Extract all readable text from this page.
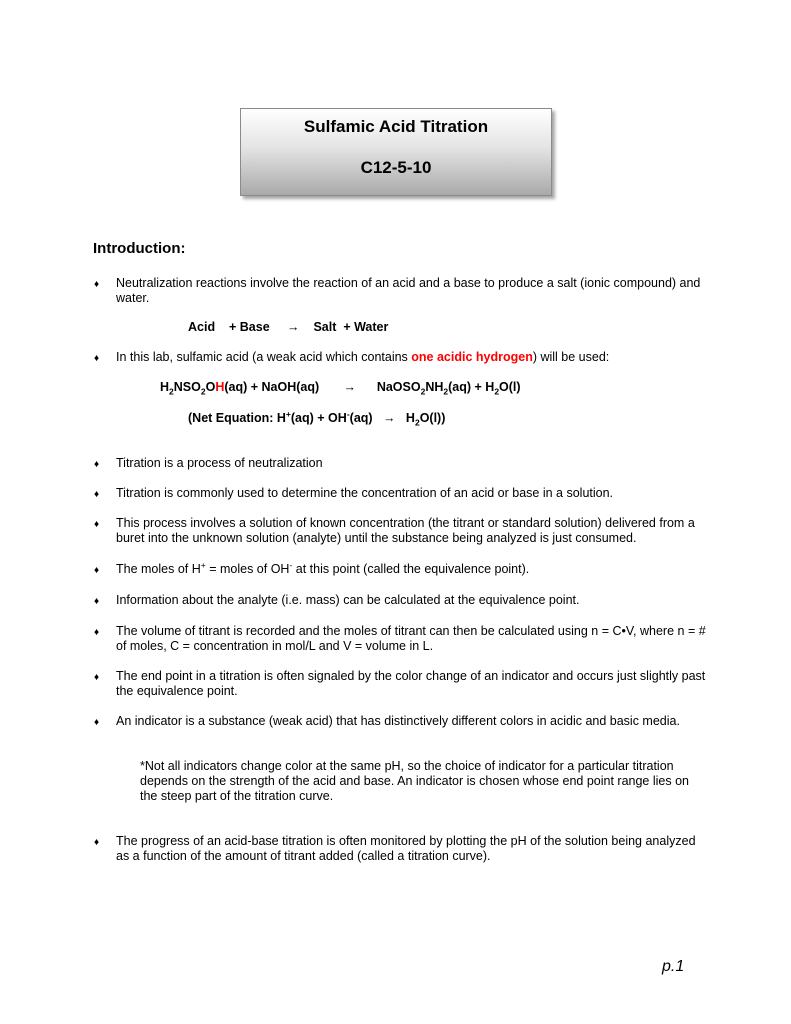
Sulfamic Acid Titration
C12-5-10
Introduction:
♦ Neutralization reactions involve the reaction of an acid and a base to produce a salt (ionic compound) and water.
Acid + Base → Salt + Water
♦ In this lab, sulfamic acid (a weak acid which contains one acidic hydrogen) will be used:
$H_2NSO_2OH(aq)$ + NaOH(aq) → $NaOSO_2NH_2(aq) + H_2O(l)$
(Net Equation: $H^+(aq) + OH^-(aq) \to H_2O(l)$)
♦ Titration is a process of neutralization
♦ Titration is commonly used to determine the concentration of an acid or base in a solution.
♦ This process involves a solution of known concentration (the titrant or standard solution) delivered from a buret into the unknown solution (analyte) until the substance being analyzed is just consumed.
♦ The moles of H+ = moles of OH- at this point (called the equivalence point).
♦ Information about the analyte (i.e. mass) can be calculated at the equivalence point.
♦ The volume of titrant is recorded and the moles of titrant can then be calculated using n = C•V, where n = # of moles, C = concentration in mol/L and V = volume in L.
♦ The end point in a titration is often signaled by the color change of an indicator and occurs just slightly past the equivalence point.
♦ An indicator is a substance (weak acid) that has distinctively different colors in acidic and basic media.
*Not all indicators change color at the same pH, so the choice of indicator for a particular titration depends on the strength of the acid and base. An indicator is chosen whose end point range lies on the steep part of the titration curve.
♦ The progress of an acid-base titration is often monitored by plotting the pH of the solution being analyzed as a function of the amount of titrant added (called a titration curve).
p.1
